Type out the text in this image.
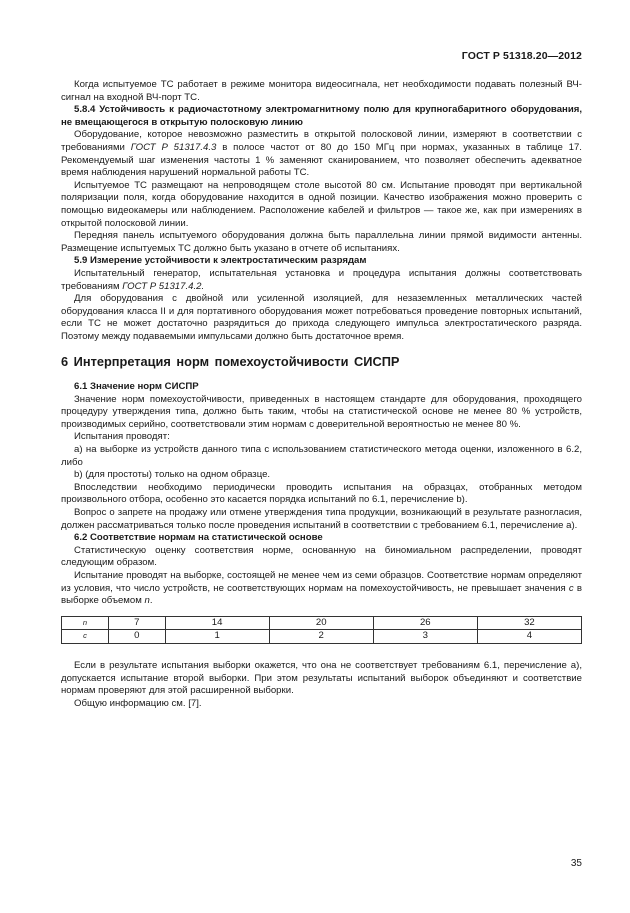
ГОСТ Р 51318.20—2012

Когда испытуемое ТС работает в режиме монитора видеосигнала, нет необходимости подавать полезный ВЧ-сигнал на входной ВЧ-порт ТС.

5.8.4 Устойчивость к радиочастотному электромагнитному полю для крупногабаритного оборудования, не вмещающегося в открытую полосковую линию

Оборудование, которое невозможно разместить в открытой полосковой линии, измеряют в соответствии с требованиями ГОСТ Р 51317.4.3 в полосе частот от 80 до 150 МГц при нормах, указанных в таблице 17. Рекомендуемый шаг изменения частоты 1 % заменяют сканированием, что позволяет обеспечить адекватное время наблюдения нарушений нормальной работы ТС.

Испытуемое ТС размещают на непроводящем столе высотой 80 см. Испытание проводят при вертикальной поляризации поля, когда оборудование находится в одной позиции. Качество изображения можно проверить с помощью видеокамеры или наблюдением. Расположение кабелей и фильтров — такое же, как при измерениях в открытой полосковой линии.

Передняя панель испытуемого оборудования должна быть параллельна линии прямой видимости антенны. Размещение испытуемых ТС должно быть указано в отчете об испытаниях.

5.9 Измерение устойчивости к электростатическим разрядам

Испытательный генератор, испытательная установка и процедура испытания должны соответствовать требованиям ГОСТ Р 51317.4.2.

Для оборудования с двойной или усиленной изоляцией, для незаземленных металлических частей оборудования класса II и для портативного оборудования может потребоваться проведение повторных испытаний, если ТС не может достаточно разрядиться до прихода следующего импульса электростатического разряда. Поэтому между подаваемыми импульсами должно быть достаточное время.

6 Интерпретация норм помехоустойчивости СИСПР

6.1 Значение норм СИСПР

Значение норм помехоустойчивости, приведенных в настоящем стандарте для оборудования, проходящего процедуру утверждения типа, должно быть таким, чтобы на статистической основе не менее 80 % устройств, производимых серийно, соответствовали этим нормам с доверительной вероятностью не менее 80 %.

Испытания проводят:

а) на выборке из устройств данного типа с использованием статистического метода оценки, изложенного в 6.2, либо

b) (для простоты) только на одном образце.

Впоследствии необходимо периодически проводить испытания на образцах, отобранных методом произвольного отбора, особенно это касается порядка испытаний по 6.1, перечисление b).

Вопрос о запрете на продажу или отмене утверждения типа продукции, возникающий в результате разногласия, должен рассматриваться только после проведения испытаний в соответствии с требованием 6.1, перечисление а).

6.2 Соответствие нормам на статистической основе

Статистическую оценку соответствия норме, основанную на биномиальном распределении, проводят следующим образом.

Испытание проводят на выборке, состоящей не менее чем из семи образцов. Соответствие нормам определяют из условия, что число устройств, не соответствующих нормам на помехоустойчивость, не превышает значения с в выборке объемом n.

n	7	14	20	26	32
c	0	1	2	3	4

Если в результате испытания выборки окажется, что она не соответствует требованиям 6.1, перечисление а), допускается испытание второй выборки. При этом результаты испытаний выборок объединяют и соответствие нормам проверяют для этой расширенной выборки.

Общую информацию см. [7].

35
